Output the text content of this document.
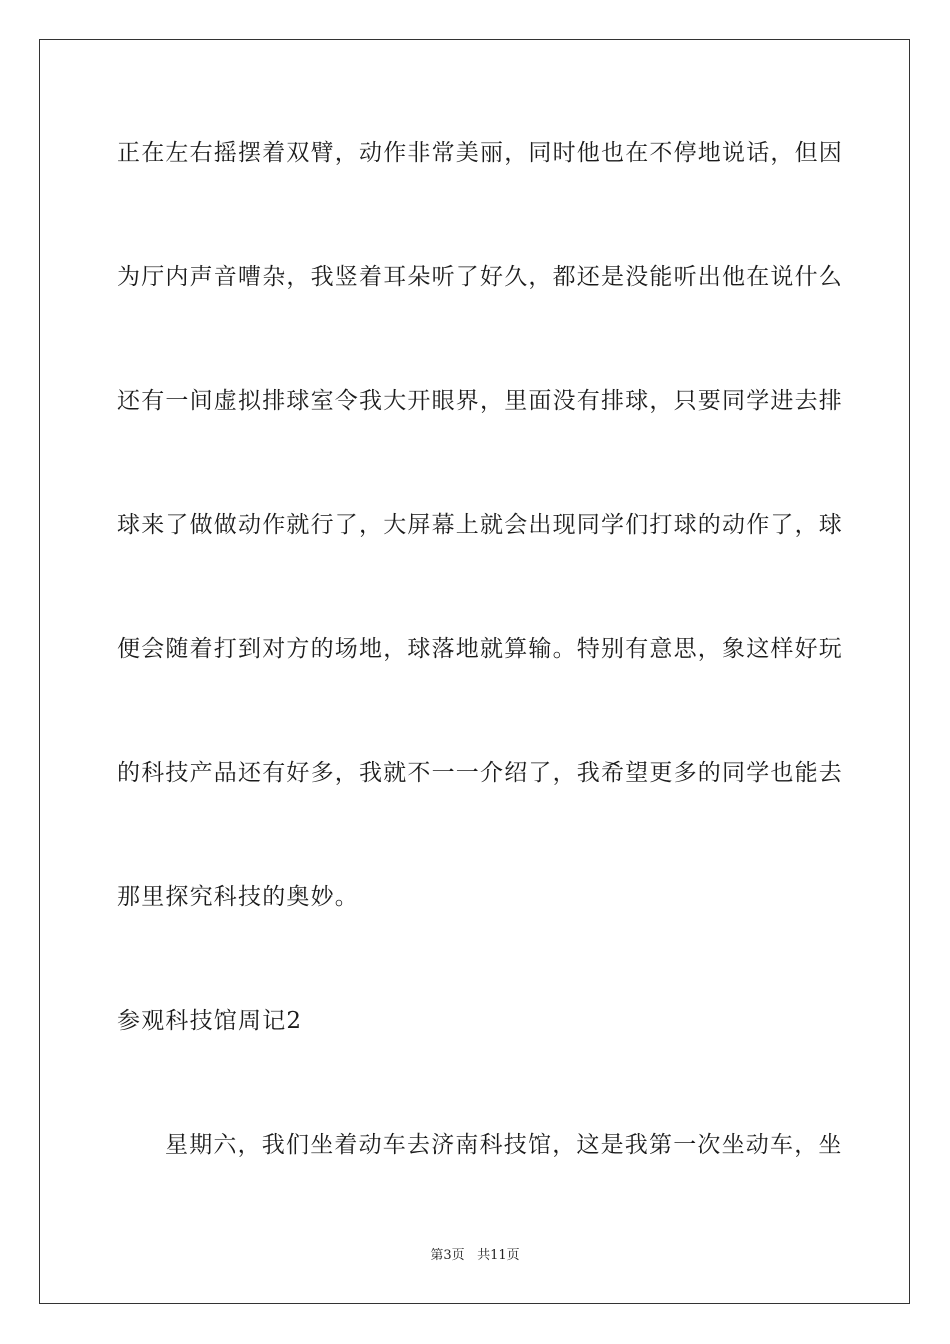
正在左右摇摆着双臂，动作非常美丽，同时他也在不停地说话，但因
为厅内声音嘈杂，我竖着耳朵听了好久，都还是没能听出他在说什么
还有一间虚拟排球室令我大开眼界，里面没有排球，只要同学进去排
球来了做做动作就行了，大屏幕上就会出现同学们打球的动作了，球
便会随着打到对方的场地，球落地就算输。特别有意思，象这样好玩
的科技产品还有好多，我就不一一介绍了，我希望更多的同学也能去
那里探究科技的奥妙。
参观科技馆周记2
星期六，我们坐着动车去济南科技馆，这是我第一次坐动车，坐
第3页 共11页
